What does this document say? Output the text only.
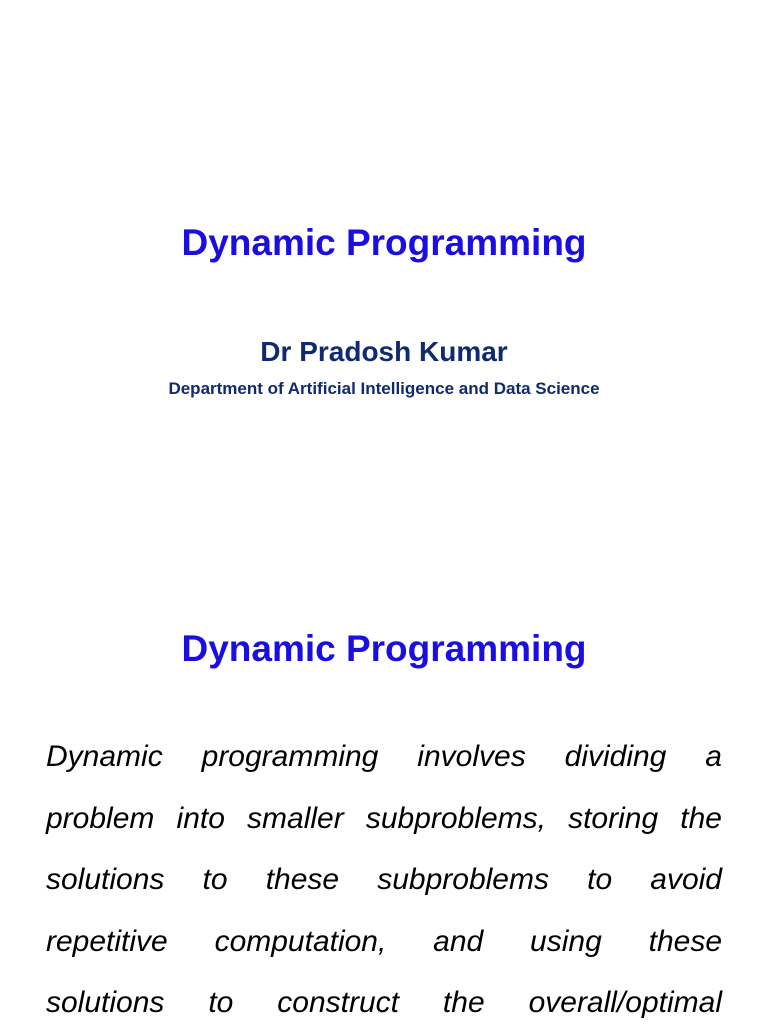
Dynamic Programming

Dr Pradosh Kumar

Department of Artificial Intelligence and Data Science

Dynamic Programming
Dynamic programming involves dividing a
problem into smaller subproblems, storing the
solutions to these subproblems to avoid
repetitive computation, and using these
solutions to construct the overall/optimal
